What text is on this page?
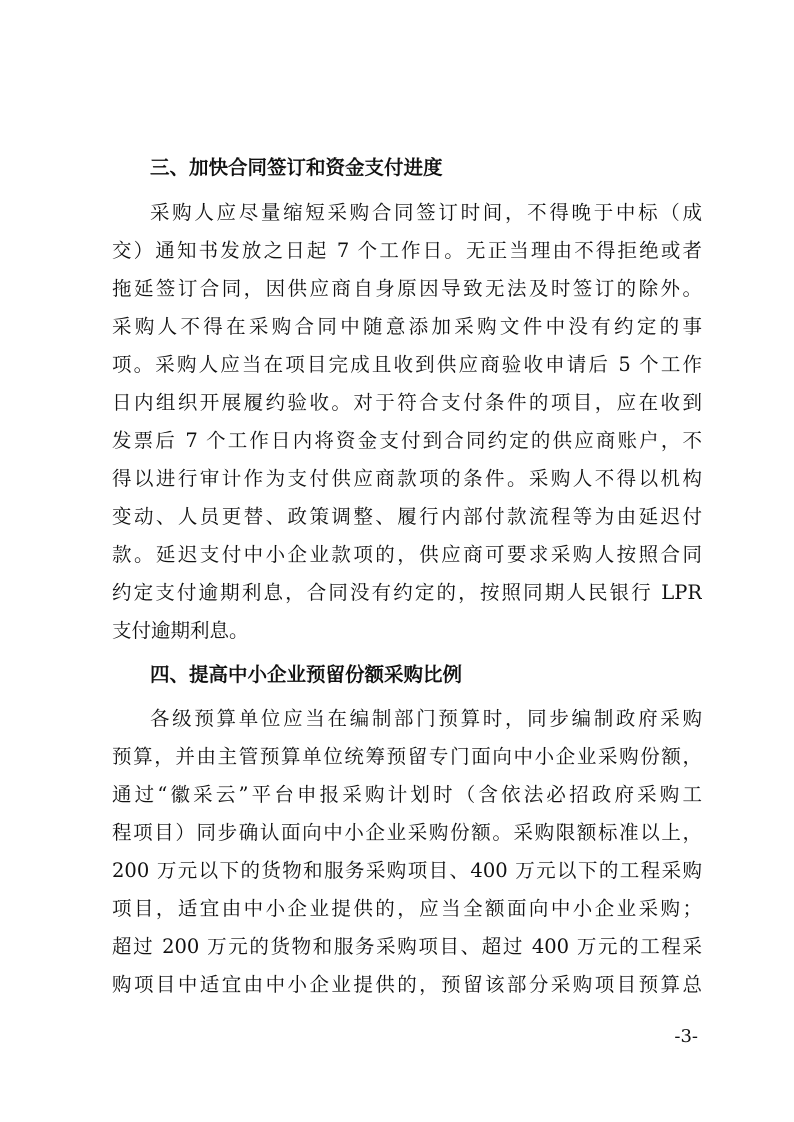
三、加快合同签订和资金支付进度
采购人应尽量缩短采购合同签订时间，不得晚于中标（成
交）通知书发放之日起 7 个工作日。无正当理由不得拒绝或者
拖延签订合同，因供应商自身原因导致无法及时签订的除外。
采购人不得在采购合同中随意添加采购文件中没有约定的事
项。采购人应当在项目完成且收到供应商验收申请后 5 个工作
日内组织开展履约验收。对于符合支付条件的项目，应在收到
发票后 7 个工作日内将资金支付到合同约定的供应商账户，不
得以进行审计作为支付供应商款项的条件。采购人不得以机构
变动、人员更替、政策调整、履行内部付款流程等为由延迟付
款。延迟支付中小企业款项的，供应商可要求采购人按照合同
约定支付逾期利息，合同没有约定的，按照同期人民银行 LPR
支付逾期利息。
四、提高中小企业预留份额采购比例
各级预算单位应当在编制部门预算时，同步编制政府采购
预算，并由主管预算单位统筹预留专门面向中小企业采购份额，
通过“徽采云”平台申报采购计划时（含依法必招政府采购工
程项目）同步确认面向中小企业采购份额。采购限额标准以上，
200 万元以下的货物和服务采购项目、400 万元以下的工程采购
项目，适宜由中小企业提供的，应当全额面向中小企业采购；
超过 200 万元的货物和服务采购项目、超过 400 万元的工程采
购项目中适宜由中小企业提供的，预留该部分采购项目预算总
-3-
